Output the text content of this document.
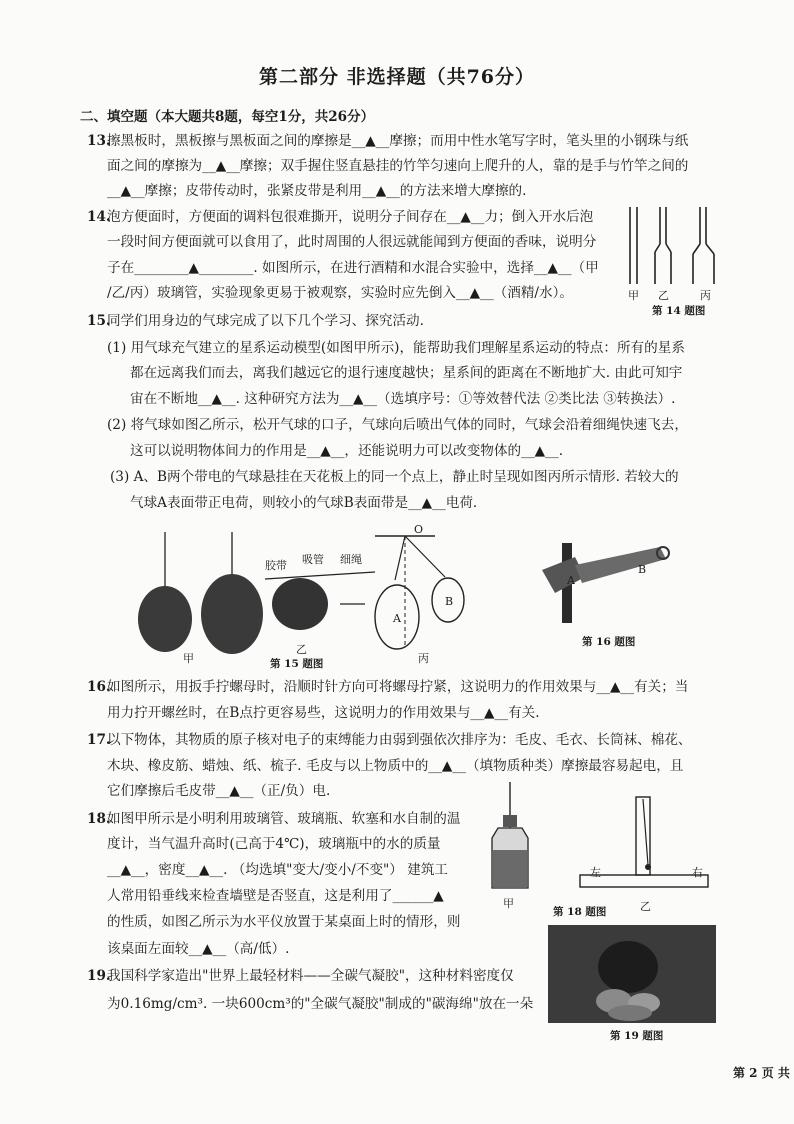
第二部分 非选择题（共76分）
二、填空题（本大题共8题，每空1分，共26分）
13.
擦黑板时，黑板擦与黑板面之间的摩擦是__▲__摩擦；而用中性水笔写字时，笔头里的小钢珠与纸
面之间的摩擦为__▲__摩擦；双手握住竖直悬挂的竹竿匀速向上爬升的人，靠的是手与竹竿之间的
__▲__摩擦；皮带传动时，张紧皮带是利用__▲__的方法来增大摩擦的.
14.
泡方便面时，方便面的调料包很难撕开，说明分子间存在__▲__力；倒入开水后泡
一段时间方便面就可以食用了，此时周围的人很远就能闻到方便面的香味，说明分
子在________▲________. 如图所示，在进行酒精和水混合实验中，选择__▲__（甲
/乙/丙）玻璃管，实验现象更易于被观察，实验时应先倒入__▲__（酒精/水）。	甲 乙	丙
第 14 题图
15.
同学们用身边的气球完成了以下几个学习、探究活动.
(1) 用气球充气建立的星系运动模型(如图甲所示)，能帮助我们理解星系运动的特点：所有的星系
都在远离我们而去，离我们越远它的退行速度越快；星系间的距离在不断地扩大. 由此可知宇
宙在不断地__▲__. 这种研究方法为__▲__（选填序号：①等效替代法 ②类比法 ③转换法）.
(2) 将气球如图乙所示，松开气球的口子，气球向后喷出气体的同时，气球会沿着细绳快速飞去，
这可以说明物体间力的作用是__▲__，还能说明力可以改变物体的__▲__.
(3) A、B两个带电的气球悬挂在天花板上的同一个点上，静止时呈现如图丙所示情形. 若较大的
气球A表面带正电荷，则较小的气球B表面带是__▲__电荷.
甲
乙
丙
胶带 吸管 细绳
O
A
B
第 15 题图
A
B
第 16 题图
16.
如图所示，用扳手拧螺母时，沿顺时针方向可将螺母拧紧，这说明力的作用效果与__▲__有关；当
用力拧开螺丝时，在B点拧更容易些，这说明力的作用效果与__▲__有关.
17.
以下物体，其物质的原子核对电子的束缚能力由弱到强依次排序为：毛皮、毛衣、长筒袜、棉花、
木块、橡皮筋、蜡烛、纸、梳子. 毛皮与以上物质中的__▲__（填物质种类）摩擦最容易起电，且
它们摩擦后毛皮带__▲__（正/负）电.
18.
如图甲所示是小明利用玻璃管、玻璃瓶、软塞和水自制的温
度计，当气温升高时(己高于4℃)，玻璃瓶中的水的质量
__▲__，密度__▲__. （均选填"变大/变小/不变"） 建筑工
人常用铅垂线来检查墙壁是否竖直，这是利用了______▲
的性质，如图乙所示为水平仪放置于某桌面上时的情形，则
该桌面左面较__▲__（高/低）.
甲
左	右
第 18 题图	乙
19.
我国科学家造出"世界上最轻材料——全碳气凝胶"，这种材料密度仅
为0.16mg/cm³. 一块600cm³的"全碳气凝胶"制成的"碳海绵"放在一朵
第 19 题图
第 2 页 共
